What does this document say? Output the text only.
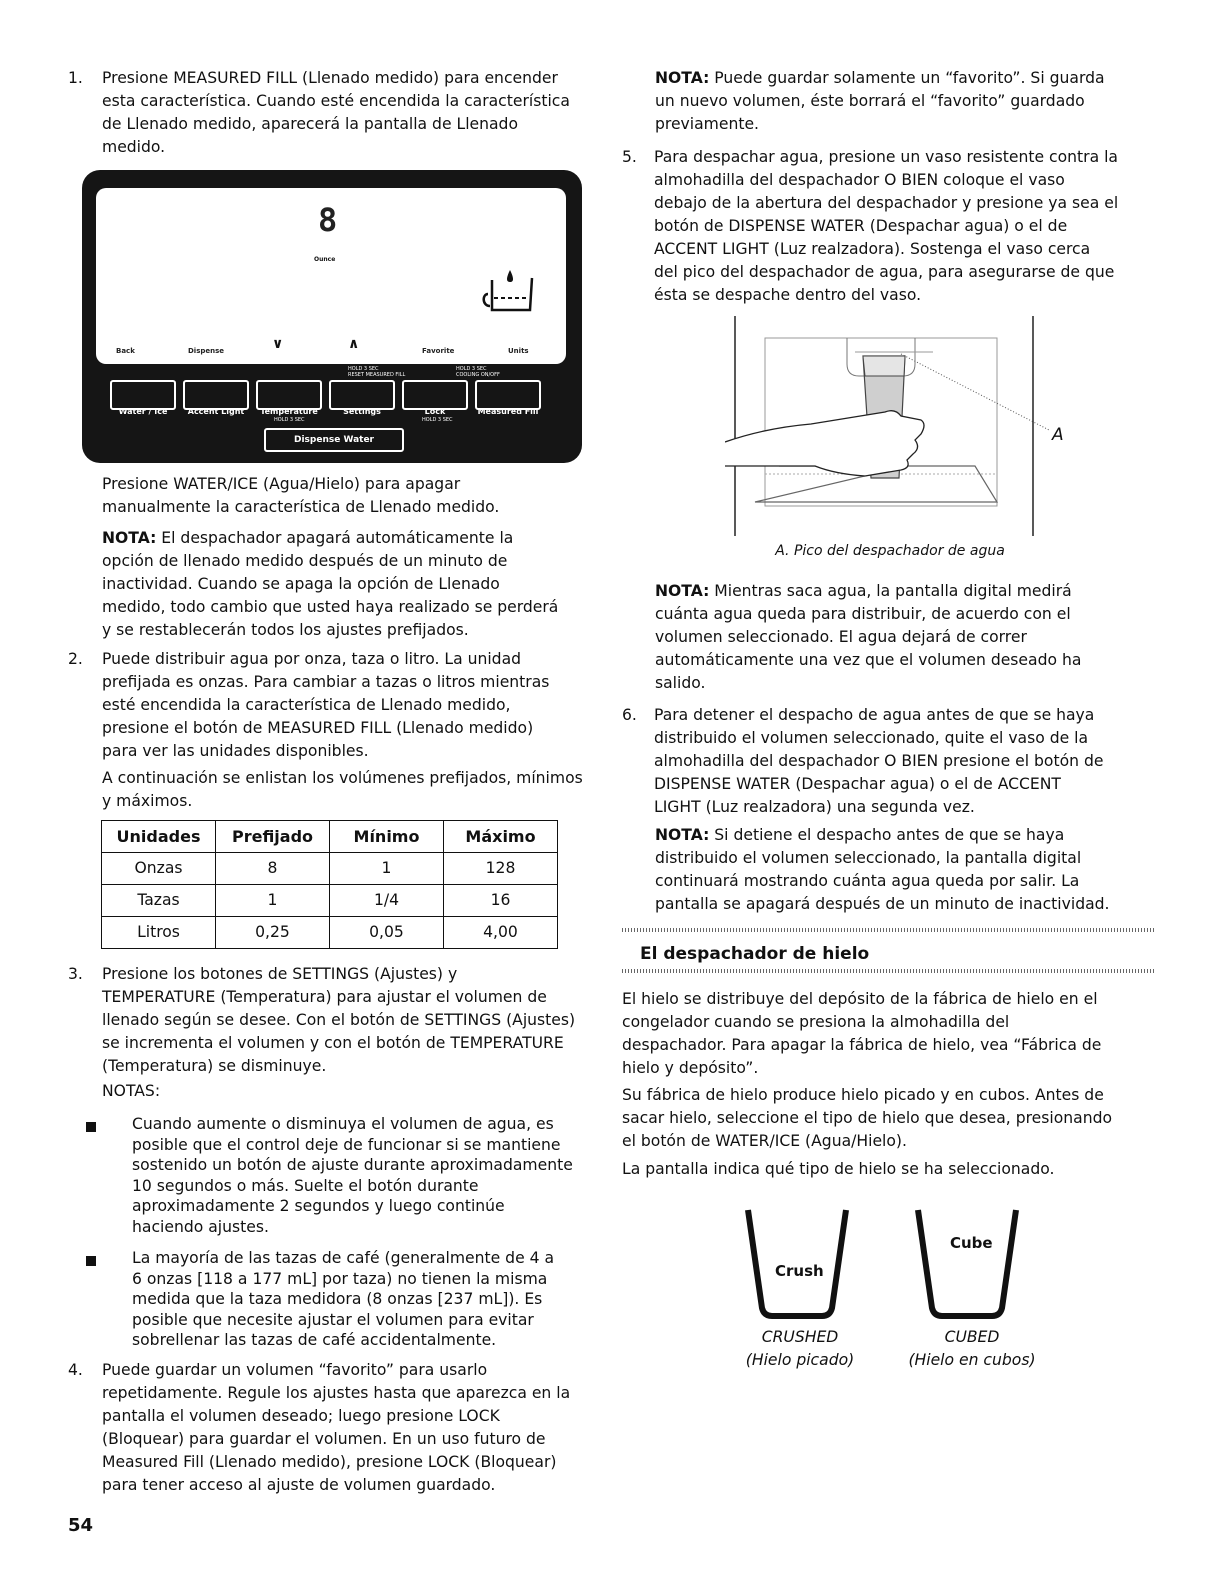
1. Presione MEASURED FILL (Llenado medido) para encender

esta característica. Cuando esté encendida la característica

de Llenado medido, aparecerá la pantalla de Llenado

medido.

8
Ounce
Back	Dispense	∨	∧	Favorite	Units
HOLD 3 SEC
RESET MEASURED FILL
HOLD 3 SEC
COOLING ON/OFF
Water / Ice	Accent Light	Temperature	Settings	Lock	Measured Fill
HOLD 3 SEC	HOLD 3 SEC
Dispense Water

Presione WATER/ICE (Agua/Hielo) para apagar

manualmente la característica de Llenado medido.

NOTA: El despachador apagará automáticamente la

opción de llenado medido después de un minuto de

inactividad. Cuando se apaga la opción de Llenado

medido, todo cambio que usted haya realizado se perderá

y se restablecerán todos los ajustes prefijados.

2. Puede distribuir agua por onza, taza o litro. La unidad

prefijada es onzas. Para cambiar a tazas o litros mientras

esté encendida la característica de Llenado medido,

presione el botón de MEASURED FILL (Llenado medido)

para ver las unidades disponibles.

A continuación se enlistan los volúmenes prefijados, mínimos

y máximos.

Unidades	Prefijado	Mínimo	Máximo
Onzas	8	1	128
Tazas	1	1/4	16
Litros	0,25	0,05	4,00
3. Presione los botones de SETTINGS (Ajustes) y

TEMPERATURE (Temperatura) para ajustar el volumen de

llenado según se desee. Con el botón de SETTINGS (Ajustes)

se incrementa el volumen y con el botón de TEMPERATURE

(Temperatura) se disminuye.

NOTAS:

Cuando aumente o disminuya el volumen de agua, es

posible que el control deje de funcionar si se mantiene

sostenido un botón de ajuste durante aproximadamente

10 segundos o más. Suelte el botón durante

aproximadamente 2 segundos y luego continúe

haciendo ajustes.

La mayoría de las tazas de café (generalmente de 4 a

6 onzas [118 a 177 mL] por taza) no tienen la misma

medida que la taza medidora (8 onzas [237 mL]). Es

posible que necesite ajustar el volumen para evitar

sobrellenar las tazas de café accidentalmente.

4. Puede guardar un volumen “favorito” para usarlo

repetidamente. Regule los ajustes hasta que aparezca en la

pantalla el volumen deseado; luego presione LOCK

(Bloquear) para guardar el volumen. En un uso futuro de

Measured Fill (Llenado medido), presione LOCK (Bloquear)

para tener acceso al ajuste de volumen guardado.

54

NOTA: Puede guardar solamente un “favorito”. Si guarda

un nuevo volumen, éste borrará el “favorito” guardado

previamente.

5. Para despachar agua, presione un vaso resistente contra la

almohadilla del despachador O BIEN coloque el vaso

debajo de la abertura del despachador y presione ya sea el

botón de DISPENSE WATER (Despachar agua) o el de

ACCENT LIGHT (Luz realzadora). Sostenga el vaso cerca

del pico del despachador de agua, para asegurarse de que

ésta se despache dentro del vaso.

A
A. Pico del despachador de agua

NOTA: Mientras saca agua, la pantalla digital medirá

cuánta agua queda para distribuir, de acuerdo con el

volumen seleccionado. El agua dejará de correr

automáticamente una vez que el volumen deseado ha

salido.

6. Para detener el despacho de agua antes de que se haya

distribuido el volumen seleccionado, quite el vaso de la

almohadilla del despachador O BIEN presione el botón de

DISPENSE WATER (Despachar agua) o el de ACCENT

LIGHT (Luz realzadora) una segunda vez.

NOTA: Si detiene el despacho antes de que se haya

distribuido el volumen seleccionado, la pantalla digital

continuará mostrando cuánta agua queda por salir. La

pantalla se apagará después de un minuto de inactividad.

El despachador de hielo

El hielo se distribuye del depósito de la fábrica de hielo en el

congelador cuando se presiona la almohadilla del

despachador. Para apagar la fábrica de hielo, vea “Fábrica de

hielo y depósito”.

Su fábrica de hielo produce hielo picado y en cubos. Antes de

sacar hielo, seleccione el tipo de hielo que desea, presionando

el botón de WATER/ICE (Agua/Hielo).

La pantalla indica qué tipo de hielo se ha seleccionado.
Crush
Cube
CRUSHED
(Hielo picado)
CUBED
(Hielo en cubos)
